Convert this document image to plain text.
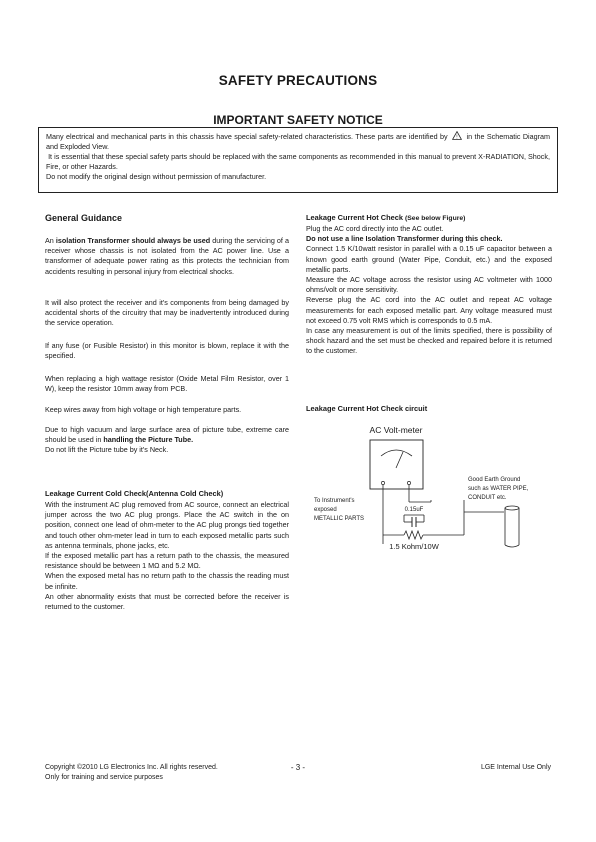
SAFETY PRECAUTIONS
IMPORTANT SAFETY NOTICE

Many electrical and mechanical parts in this chassis have special safety-related characteristics. These parts are identified by ! in the Schematic Diagram and Exploded View.

It is essential that these special safety parts should be replaced with the same components as recommended in this manual to prevent X-RADIATION, Shock, Fire, or other Hazards.

Do not modify the original design without permission of manufacturer.

General Guidance

An isolation Transformer should always be used during the servicing of a receiver whose chassis is not isolated from the AC power line. Use a transformer of adequate power rating as this protects the technician from accidents resulting in personal injury from electrical shocks.

It will also protect the receiver and it's components from being damaged by accidental shorts of the circuitry that may be inadvertently introduced during the service operation.
If any fuse (or Fusible Resistor) in this monitor is blown, replace it with the specified.
When replacing a high wattage resistor (Oxide Metal Film Resistor, over 1 W), keep the resistor 10mm away from PCB.
Keep wires away from high voltage or high temperature parts.

Due to high vacuum and large surface area of picture tube, extreme care should be used in handling the Picture Tube.

Do not lift the Picture tube by it's Neck.

Leakage Current Cold Check(Antenna Cold Check)

With the instrument AC plug removed from AC source, connect an electrical jumper across the two AC plug prongs. Place the AC switch in the on position, connect one lead of ohm-meter to the AC plug prongs tied together and touch other ohm-meter lead in turn to each exposed metallic parts such as antenna terminals, phone jacks, etc.

If the exposed metallic part has a return path to the chassis, the measured resistance should be between 1 MΩ and 5.2 MΩ.

When the exposed metal has no return path to the chassis the reading must be infinite.

An other abnormality exists that must be corrected before the receiver is returned to the customer.

Leakage Current Hot Check (See below Figure)

Plug the AC cord directly into the AC outlet.

Do not use a line Isolation Transformer during this check.

Connect 1.5 K/10watt resistor in parallel with a 0.15 uF capacitor between a known good earth ground (Water Pipe, Conduit, etc.) and the exposed metallic parts.

Measure the AC voltage across the resistor using AC voltmeter with 1000 ohms/volt or more sensitivity.

Reverse plug the AC cord into the AC outlet and repeat AC voltage measurements for each exposed metallic part. Any voltage measured must not exceed 0.75 volt RMS which is corresponds to 0.5 mA.

In case any measurement is out of the limits specified, there is possibility of shock hazard and the set must be checked and repaired before it is returned to the customer.

Leakage Current Hot Check circuit
AC Volt-meter
0.15uF
1.5 Kohm/10W
To Instrument's
exposed
METALLIC PARTS
Good Earth Ground
such as WATER PIPE,
CONDUIT etc.
Copyright ©2010 LG Electronics Inc. All rights reserved.
Only for training and service purposes
- 3 -	LGE Internal Use Only
